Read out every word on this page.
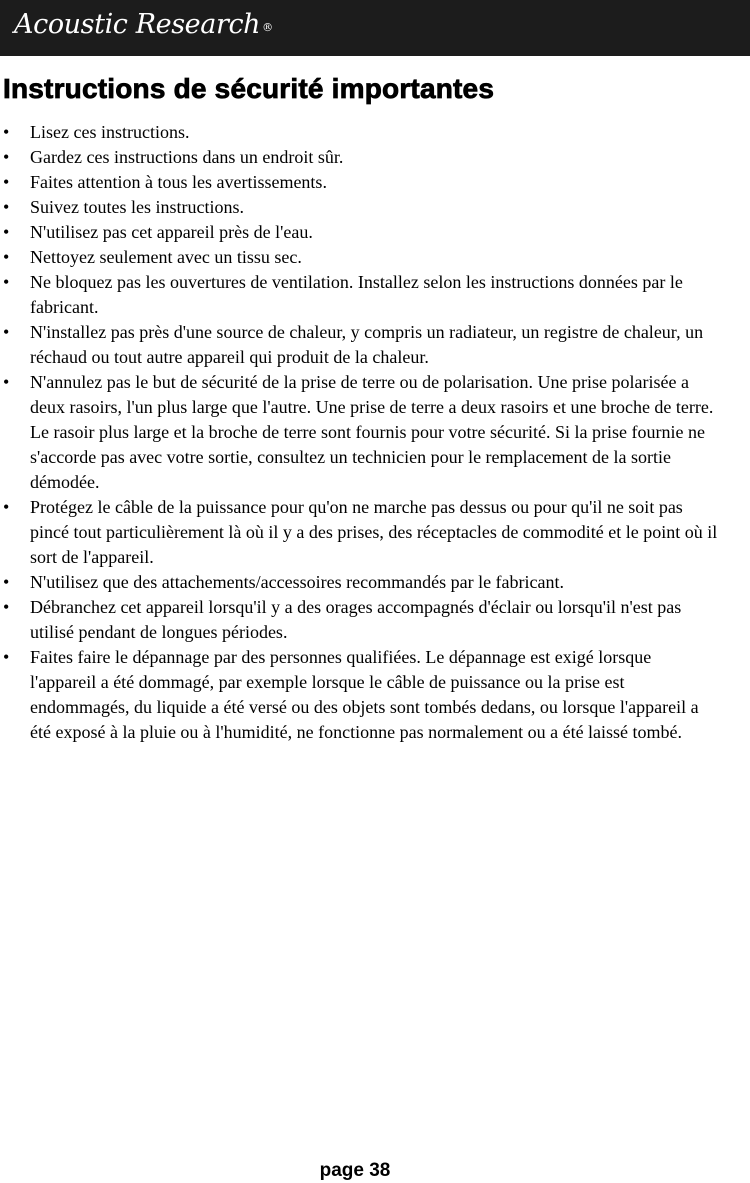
Acoustic Research ®
Instructions de sécurité importantes
• Lisez ces instructions.
• Gardez ces instructions dans un endroit sûr.
• Faites attention à tous les avertissements.
• Suivez toutes les instructions.
• N'utilisez pas cet appareil près de l'eau.
• Nettoyez seulement avec un tissu sec.
• Ne bloquez pas les ouvertures de ventilation. Installez selon les instructions données par le fabricant.
• N'installez pas près d'une source de chaleur, y compris un radiateur, un registre de chaleur, un réchaud ou tout autre appareil qui produit de la chaleur.
• N'annulez pas le but de sécurité de la prise de terre ou de polarisation. Une prise polarisée a deux rasoirs, l'un plus large que l'autre. Une prise de terre a deux rasoirs et une broche de terre. Le rasoir plus large et la broche de terre sont fournis pour votre sécurité. Si la prise fournie ne s'accorde pas avec votre sortie, consultez un technicien pour le remplacement de la sortie démodée.
• Protégez le câble de la puissance pour qu'on ne marche pas dessus ou pour qu'il ne soit pas pincé tout particulièrement là où il y a des prises, des réceptacles de commodité et le point où il sort de l'appareil.
• N'utilisez que des attachements/accessoires recommandés par le fabricant.
• Débranchez cet appareil lorsqu'il y a des orages accompagnés d'éclair ou lorsqu'il n'est pas utilisé pendant de longues périodes.
• Faites faire le dépannage par des personnes qualifiées. Le dépannage est exigé lorsque l'appareil a été dommagé, par exemple lorsque le câble de puissance ou la prise est endommagés, du liquide a été versé ou des objets sont tombés dedans, ou lorsque l'appareil a été exposé à la pluie ou à l'humidité, ne fonctionne pas normalement ou a été laissé tombé.
page 38
